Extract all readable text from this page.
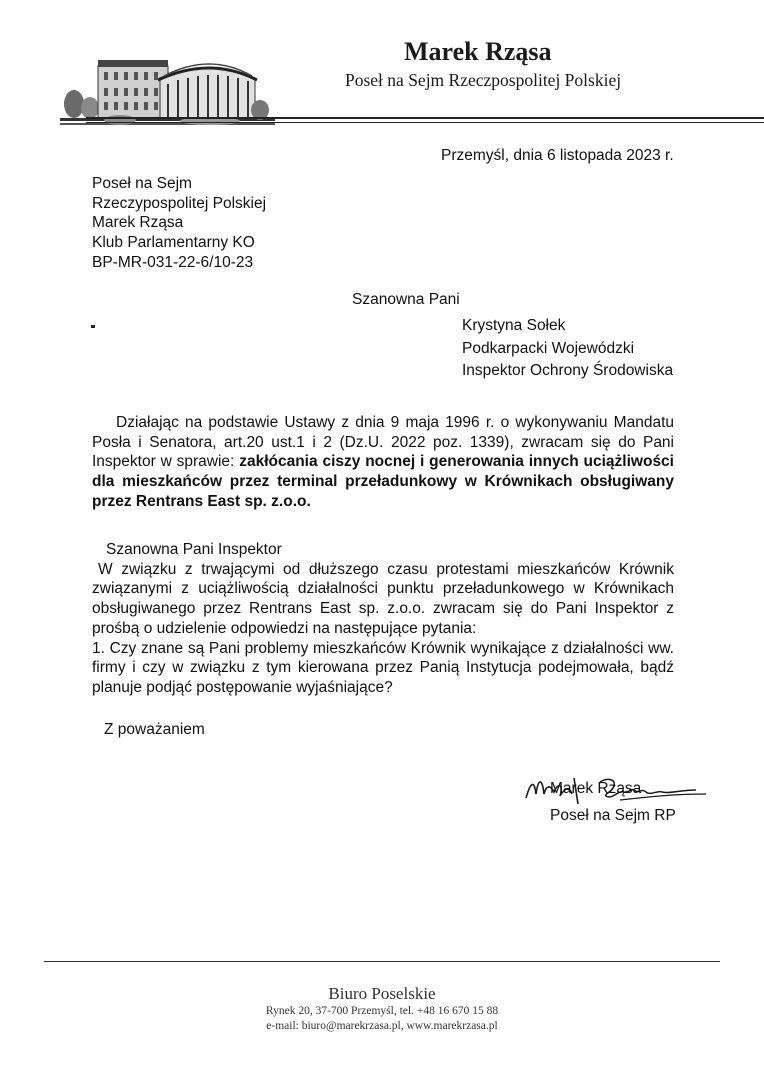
Marek Rząsa
Poseł na Sejm Rzeczpospolitej Polskiej
Przemyśl, dnia 6 listopada 2023 r.
Poseł na Sejm
Rzeczypospolitej Polskiej
Marek Rząsa
Klub Parlamentarny KO
BP-MR-031-22-6/10-23
Szanowna Pani
Krystyna Sołek
Podkarpacki Wojewódzki
Inspektor Ochrony Środowiska
Działając na podstawie Ustawy z dnia 9 maja 1996 r. o wykonywaniu Mandatu Posła i Senatora, art.20 ust.1 i 2 (Dz.U. 2022 poz. 1339), zwracam się do Pani Inspektor w sprawie: zakłócania ciszy nocnej i generowania innych uciążliwości dla mieszkańców przez terminal przeładunkowy w Krównikach obsługiwany przez Rentrans East sp. z.o.o.
Szanowna Pani Inspektor
W związku z trwającymi od dłuższego czasu protestami mieszkańców Krównik związanymi z uciążliwością działalności punktu przeładunkowego w Krównikach obsługiwanego przez Rentrans East sp. z.o.o. zwracam się do Pani Inspektor z prośbą o udzielenie odpowiedzi na następujące pytania:
1. Czy znane są Pani problemy mieszkańców Krównik wynikające z działalności ww. firmy i czy w związku z tym kierowana przez Panią Instytucja podejmowała, bądź planuje podjąć postępowanie wyjaśniające?
Z poważaniem
Marek Rząsa
Poseł na Sejm RP
Biuro Poselskie
Rynek 20, 37-700 Przemyśl, tel. +48 16 670 15 88
e-mail: biuro@marekrzasa.pl, www.marekrzasa.pl
